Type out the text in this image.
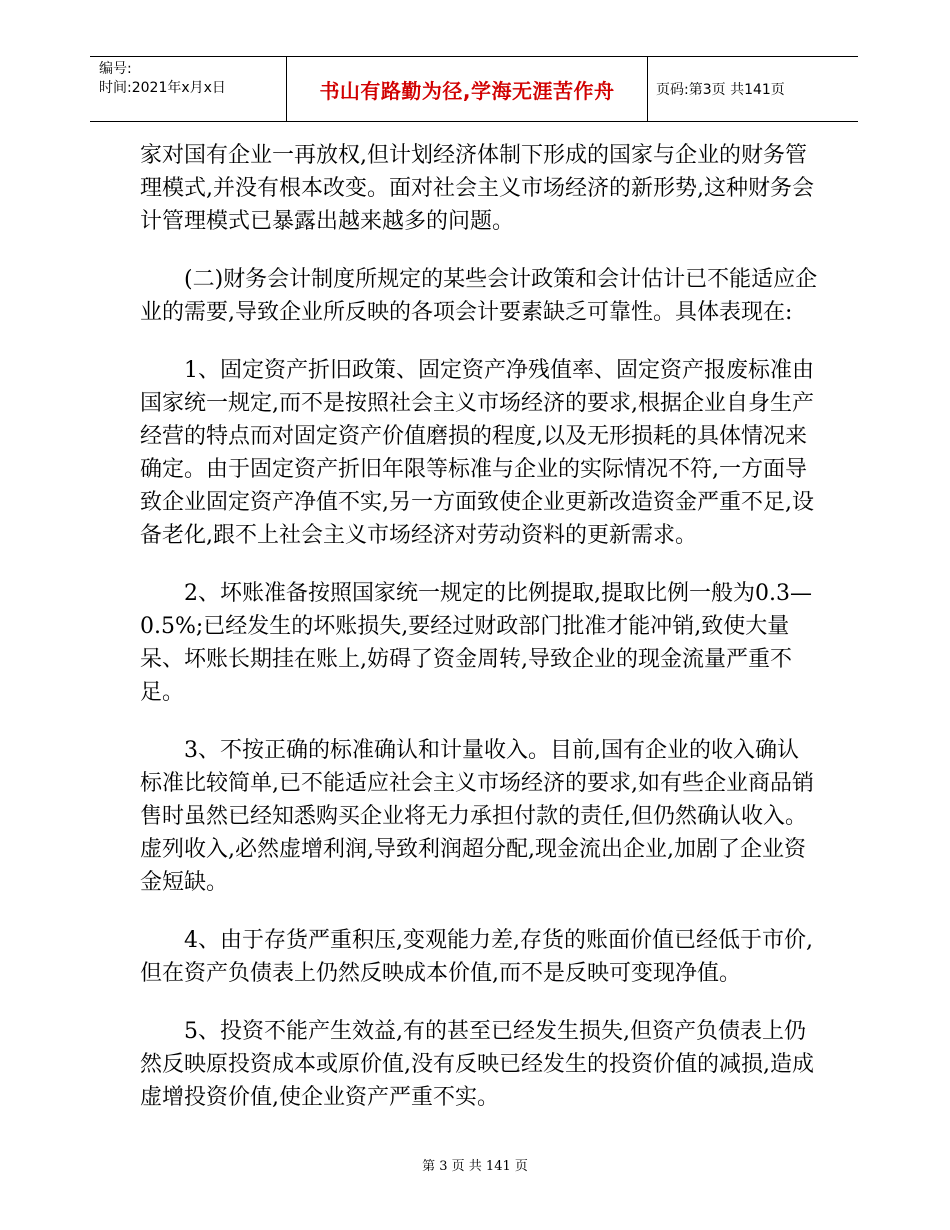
编号:
时间:2021年x月x日	书山有路勤为径,学海无涯苦作舟	页码:第3页 共141页

家对国有企业一再放权,但计划经济体制下形成的国家与企业的财务管理模式,并没有根本改变。面对社会主义市场经济的新形势,这种财务会计管理模式已暴露出越来越多的问题。

(二)财务会计制度所规定的某些会计政策和会计估计已不能适应企业的需要,导致企业所反映的各项会计要素缺乏可靠性。具体表现在:

1、固定资产折旧政策、固定资产净残值率、固定资产报废标准由国家统一规定,而不是按照社会主义市场经济的要求,根据企业自身生产经营的特点而对固定资产价值磨损的程度,以及无形损耗的具体情况来确定。由于固定资产折旧年限等标准与企业的实际情况不符,一方面导致企业固定资产净值不实,另一方面致使企业更新改造资金严重不足,设备老化,跟不上社会主义市场经济对劳动资料的更新需求。

2、坏账准备按照国家统一规定的比例提取,提取比例一般为0.3—0.5%;已经发生的坏账损失,要经过财政部门批准才能冲销,致使大量呆、坏账长期挂在账上,妨碍了资金周转,导致企业的现金流量严重不足。

3、不按正确的标准确认和计量收入。目前,国有企业的收入确认标准比较简单,已不能适应社会主义市场经济的要求,如有些企业商品销售时虽然已经知悉购买企业将无力承担付款的责任,但仍然确认收入。虚列收入,必然虚增利润,导致利润超分配,现金流出企业,加剧了企业资金短缺。

4、由于存货严重积压,变观能力差,存货的账面价值已经低于市价,但在资产负债表上仍然反映成本价值,而不是反映可变现净值。

5、投资不能产生效益,有的甚至已经发生损失,但资产负债表上仍然反映原投资成本或原价值,没有反映已经发生的投资价值的减损,造成虚增投资价值,使企业资产严重不实。

第 3 页 共 141 页
